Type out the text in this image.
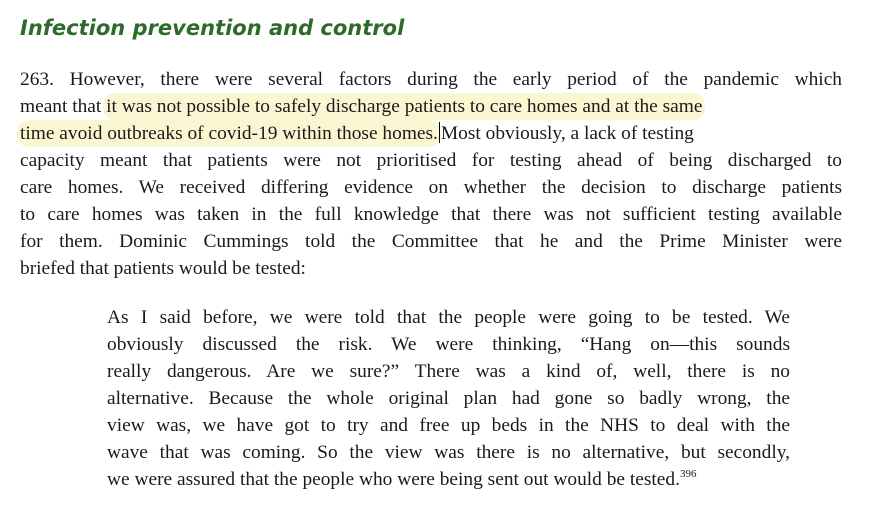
Infection prevention and control
263. However, there were several factors during the early period of the pandemic which
meant that it was not possible to safely discharge patients to care homes and at the same
time avoid outbreaks of covid-19 within those homes. Most obviously, a lack of testing
capacity meant that patients were not prioritised for testing ahead of being discharged to
care homes. We received differing evidence on whether the decision to discharge patients
to care homes was taken in the full knowledge that there was not sufficient testing available
for them. Dominic Cummings told the Committee that he and the Prime Minister were
briefed that patients would be tested:
As I said before, we were told that the people were going to be tested. We
obviously discussed the risk. We were thinking, “Hang on—this sounds
really dangerous. Are we sure?” There was a kind of, well, there is no
alternative. Because the whole original plan had gone so badly wrong, the
view was, we have got to try and free up beds in the NHS to deal with the
wave that was coming. So the view was there is no alternative, but secondly,
we were assured that the people who were being sent out would be tested.$^{396}$
